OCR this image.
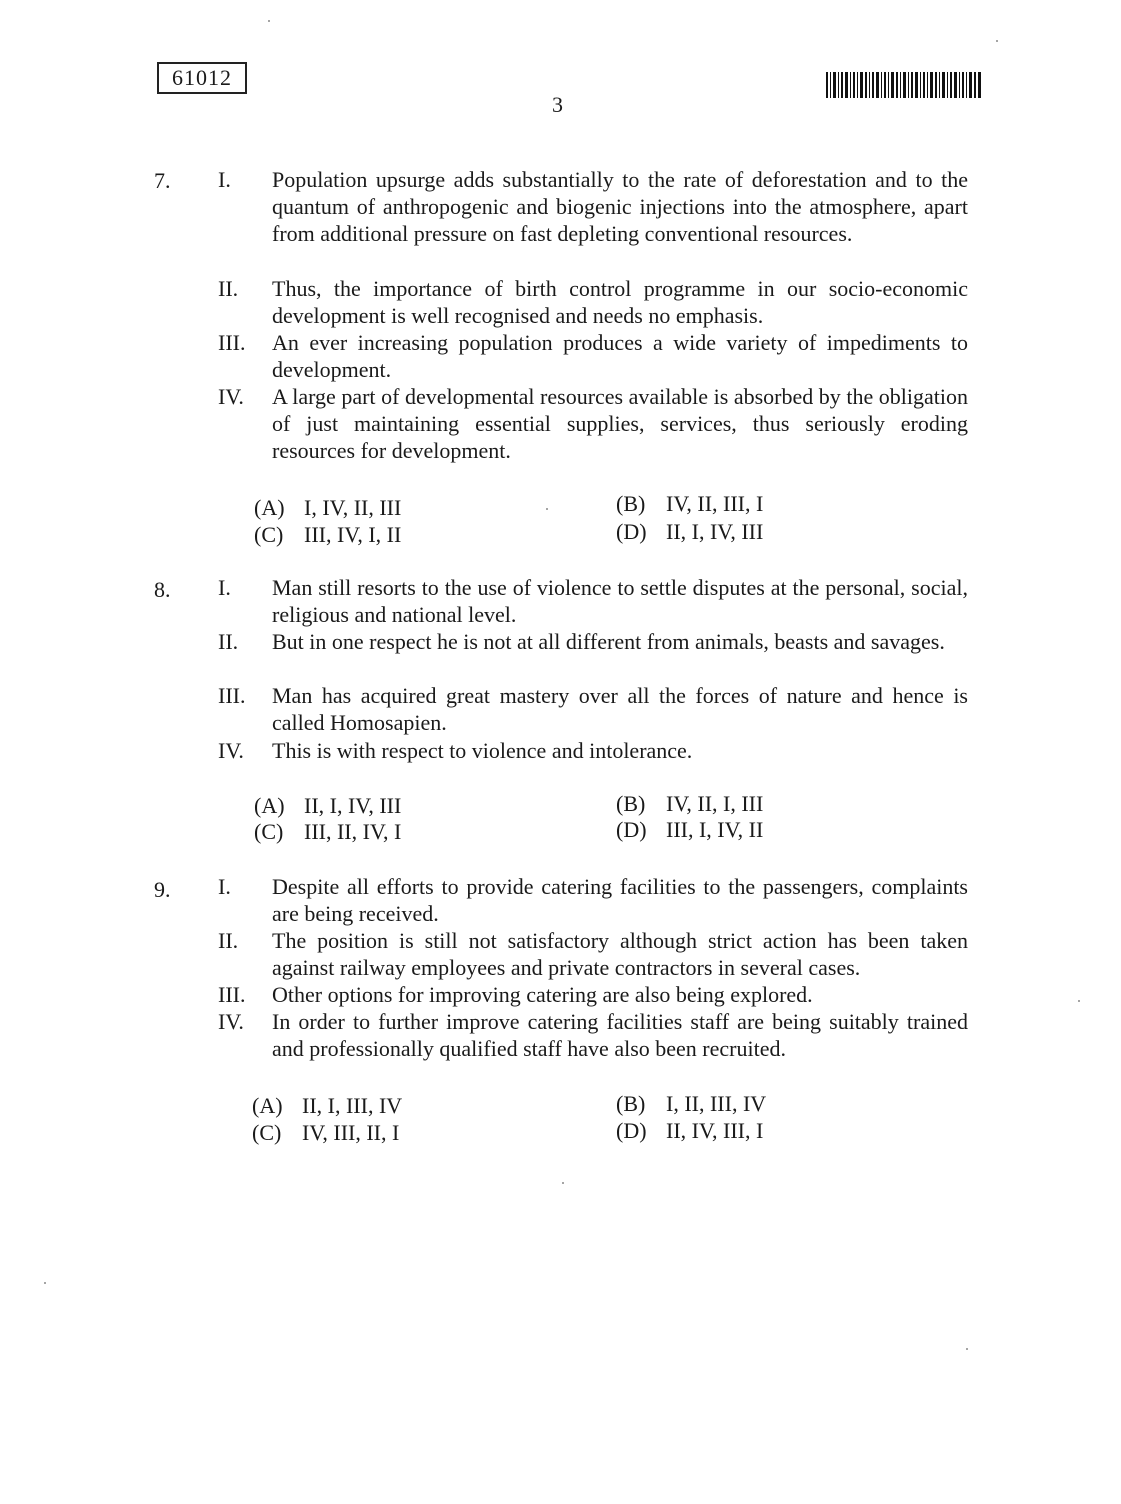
61012
3
7. I.	Population upsurge adds substantially to the rate of deforestation and to the quantum of anthropogenic and biogenic injections into the atmosphere, apart from additional pressure on fast depleting conventional resources.
II.	Thus, the importance of birth control programme in our socio-economic development is well recognised and needs no emphasis.
III.	An ever increasing population produces a wide variety of impediments to development.
IV.	A large part of developmental resources available is absorbed by the obligation of just maintaining essential supplies, services, thus seriously eroding resources for development.
(A) I, IV, II, III	(B) IV, II, III, I
(C) III, IV, I, II	(D) II, I, IV, III
8. I.	Man still resorts to the use of violence to settle disputes at the personal, social, religious and national level.
II.	But in one respect he is not at all different from animals, beasts and savages.
III.	Man has acquired great mastery over all the forces of nature and hence is called Homosapien.
IV.	This is with respect to violence and intolerance.
(A) II, I, IV, III	(B) IV, II, I, III
(C) III, II, IV, I	(D) III, I, IV, II
9. I.	Despite all efforts to provide catering facilities to the passengers, complaints are being received.
II.	The position is still not satisfactory although strict action has been taken against railway employees and private contractors in several cases.
III.	Other options for improving catering are also being explored.
IV.	In order to further improve catering facilities staff are being suitably trained and professionally qualified staff have also been recruited.
(A) II, I, III, IV	(B) I, II, III, IV
(C) IV, III, II, I	(D) II, IV, III, I
